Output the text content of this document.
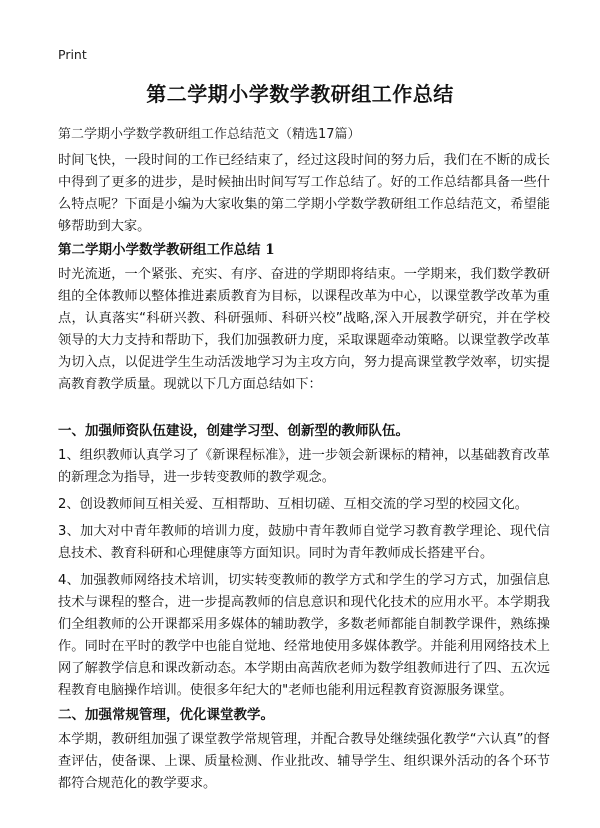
Print
第二学期小学数学教研组工作总结
第二学期小学数学教研组工作总结范文（精选17篇）
时间飞快，一段时间的工作已经结束了，经过这段时间的努力后，我们在不断的成长中得到了更多的进步，是时候抽出时间写写工作总结了。好的工作总结都具备一些什么特点呢？下面是小编为大家收集的第二学期小学数学教研组工作总结范文，希望能够帮助到大家。
第二学期小学数学教研组工作总结 1
时光流逝，一个紧张、充实、有序、奋进的学期即将结束。一学期来，我们数学教研组的全体教师以整体推进素质教育为目标，以课程改革为中心，以课堂教学改革为重点，认真落实“科研兴教、科研强师、科研兴校”战略,深入开展教学研究，并在学校领导的大力支持和帮助下，我们加强教研力度，采取课题牵动策略。以课堂教学改革为切入点，以促进学生生动活泼地学习为主攻方向，努力提高课堂教学效率，切实提高教育教学质量。现就以下几方面总结如下：
一、加强师资队伍建设，创建学习型、创新型的教师队伍。
1、组织教师认真学习了《新课程标准》，进一步领会新课标的精神，以基础教育改革的新理念为指导，进一步转变教师的教学观念。
2、创设教师间互相关爱、互相帮助、互相切磋、互相交流的学习型的校园文化。
3、加大对中青年教师的培训力度，鼓励中青年教师自觉学习教育教学理论、现代信息技术、教育科研和心理健康等方面知识。同时为青年教师成长搭建平台。
4、加强教师网络技术培训，切实转变教师的教学方式和学生的学习方式，加强信息技术与课程的整合，进一步提高教师的信息意识和现代化技术的应用水平。本学期我们全组教师的公开课都采用多媒体的辅助教学，多数老师都能自制教学课件，熟练操作。同时在平时的教学中也能自觉地、经常地使用多媒体教学。并能利用网络技术上网了解教学信息和课改新动态。本学期由高茜欣老师为数学组教师进行了四、五次远程教育电脑操作培训。使很多年纪大的"老师也能利用远程教育资源服务课堂。
二、加强常规管理，优化课堂教学。
本学期，教研组加强了课堂教学常规管理，并配合教导处继续强化教学“六认真”的督查评估，使备课、上课、质量检测、作业批改、辅导学生、组织课外活动的各个环节都符合规范化的教学要求。
